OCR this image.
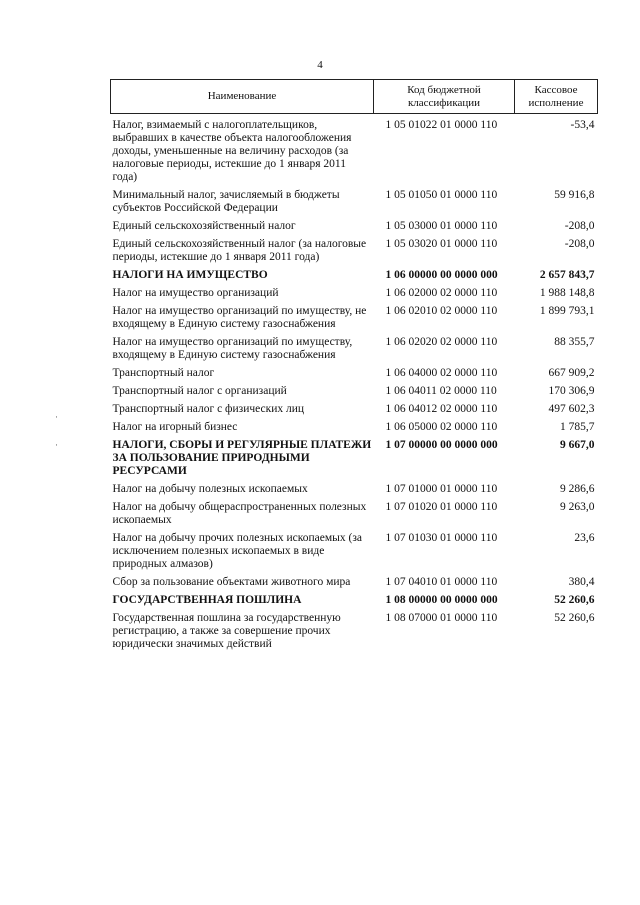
4
·
·
Наименование	Код бюджетной классификации	Кассовое исполнение
Налог, взимаемый с налогоплательщиков, выбравших в качестве объекта налогообложения доходы, уменьшенные на величину расходов (за налоговые периоды, истекшие до 1 января 2011 года)	1 05 01022 01 0000 110	-53,4
Минимальный налог, зачисляемый в бюджеты субъектов Российской Федерации	1 05 01050 01 0000 110	59 916,8
Единый сельскохозяйственный налог	1 05 03000 01 0000 110	-208,0
Единый сельскохозяйственный налог (за налоговые периоды, истекшие до 1 января 2011 года)	1 05 03020 01 0000 110	-208,0
НАЛОГИ НА ИМУЩЕСТВО	1 06 00000 00 0000 000	2 657 843,7
Налог на имущество организаций	1 06 02000 02 0000 110	1 988 148,8
Налог на имущество организаций по имуществу, не входящему в Единую систему газоснабжения	1 06 02010 02 0000 110	1 899 793,1
Налог на имущество организаций по имуществу, входящему в Единую систему газоснабжения	1 06 02020 02 0000 110	88 355,7
Транспортный налог	1 06 04000 02 0000 110	667 909,2
Транспортный налог с организаций	1 06 04011 02 0000 110	170 306,9
Транспортный налог с физических лиц	1 06 04012 02 0000 110	497 602,3
Налог на игорный бизнес	1 06 05000 02 0000 110	1 785,7
НАЛОГИ, СБОРЫ И РЕГУЛЯРНЫЕ ПЛАТЕЖИ ЗА ПОЛЬЗОВАНИЕ ПРИРОДНЫМИ РЕСУРСАМИ	1 07 00000 00 0000 000	9 667,0
Налог на добычу полезных ископаемых	1 07 01000 01 0000 110	9 286,6
Налог на добычу общераспространенных полезных ископаемых	1 07 01020 01 0000 110	9 263,0
Налог на добычу прочих полезных ископаемых (за исключением полезных ископаемых в виде природных алмазов)	1 07 01030 01 0000 110	23,6
Сбор за пользование объектами животного мира	1 07 04010 01 0000 110	380,4
ГОСУДАРСТВЕННАЯ ПОШЛИНА	1 08 00000 00 0000 000	52 260,6
Государственная пошлина за государственную регистрацию, а также за совершение прочих юридически значимых действий	1 08 07000 01 0000 110	52 260,6
